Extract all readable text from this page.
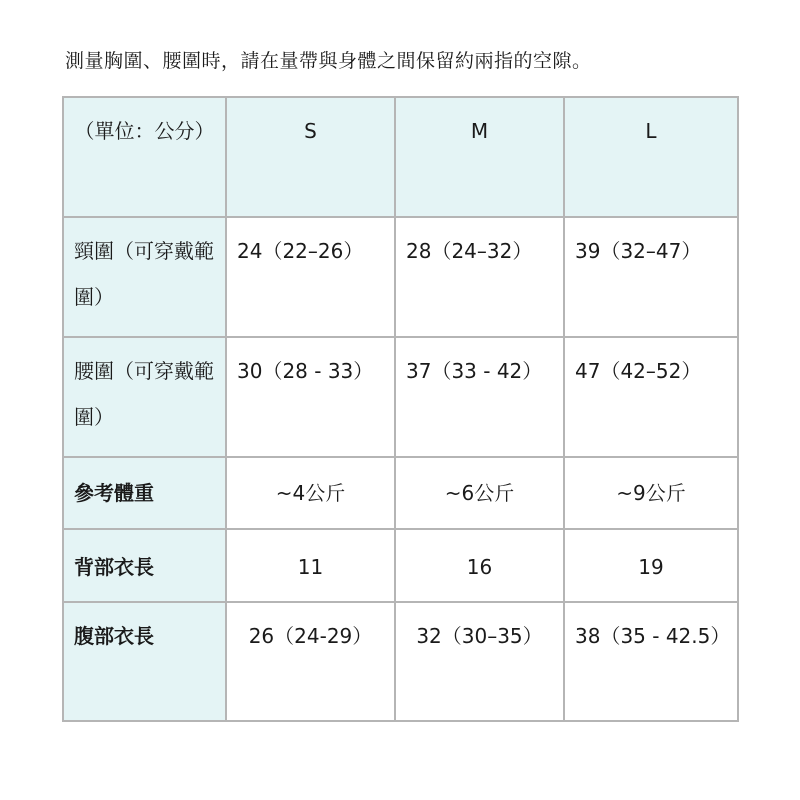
測量胸圍、腰圍時，請在量帶與身體之間保留約兩指的空隙。
（單位：公分）	S	M	L
頸圍（可穿戴範圍）	24（22–26）	28（24–32）	39（32–47）
腰圍（可穿戴範圍）	30（28 - 33）	37（33 - 42）	47（42–52）
參考體重	~4公斤	~6公斤	~9公斤
背部衣長	11	16	19
腹部衣長	26（24-29）	32（30–35）	38（35 - 42.5）
